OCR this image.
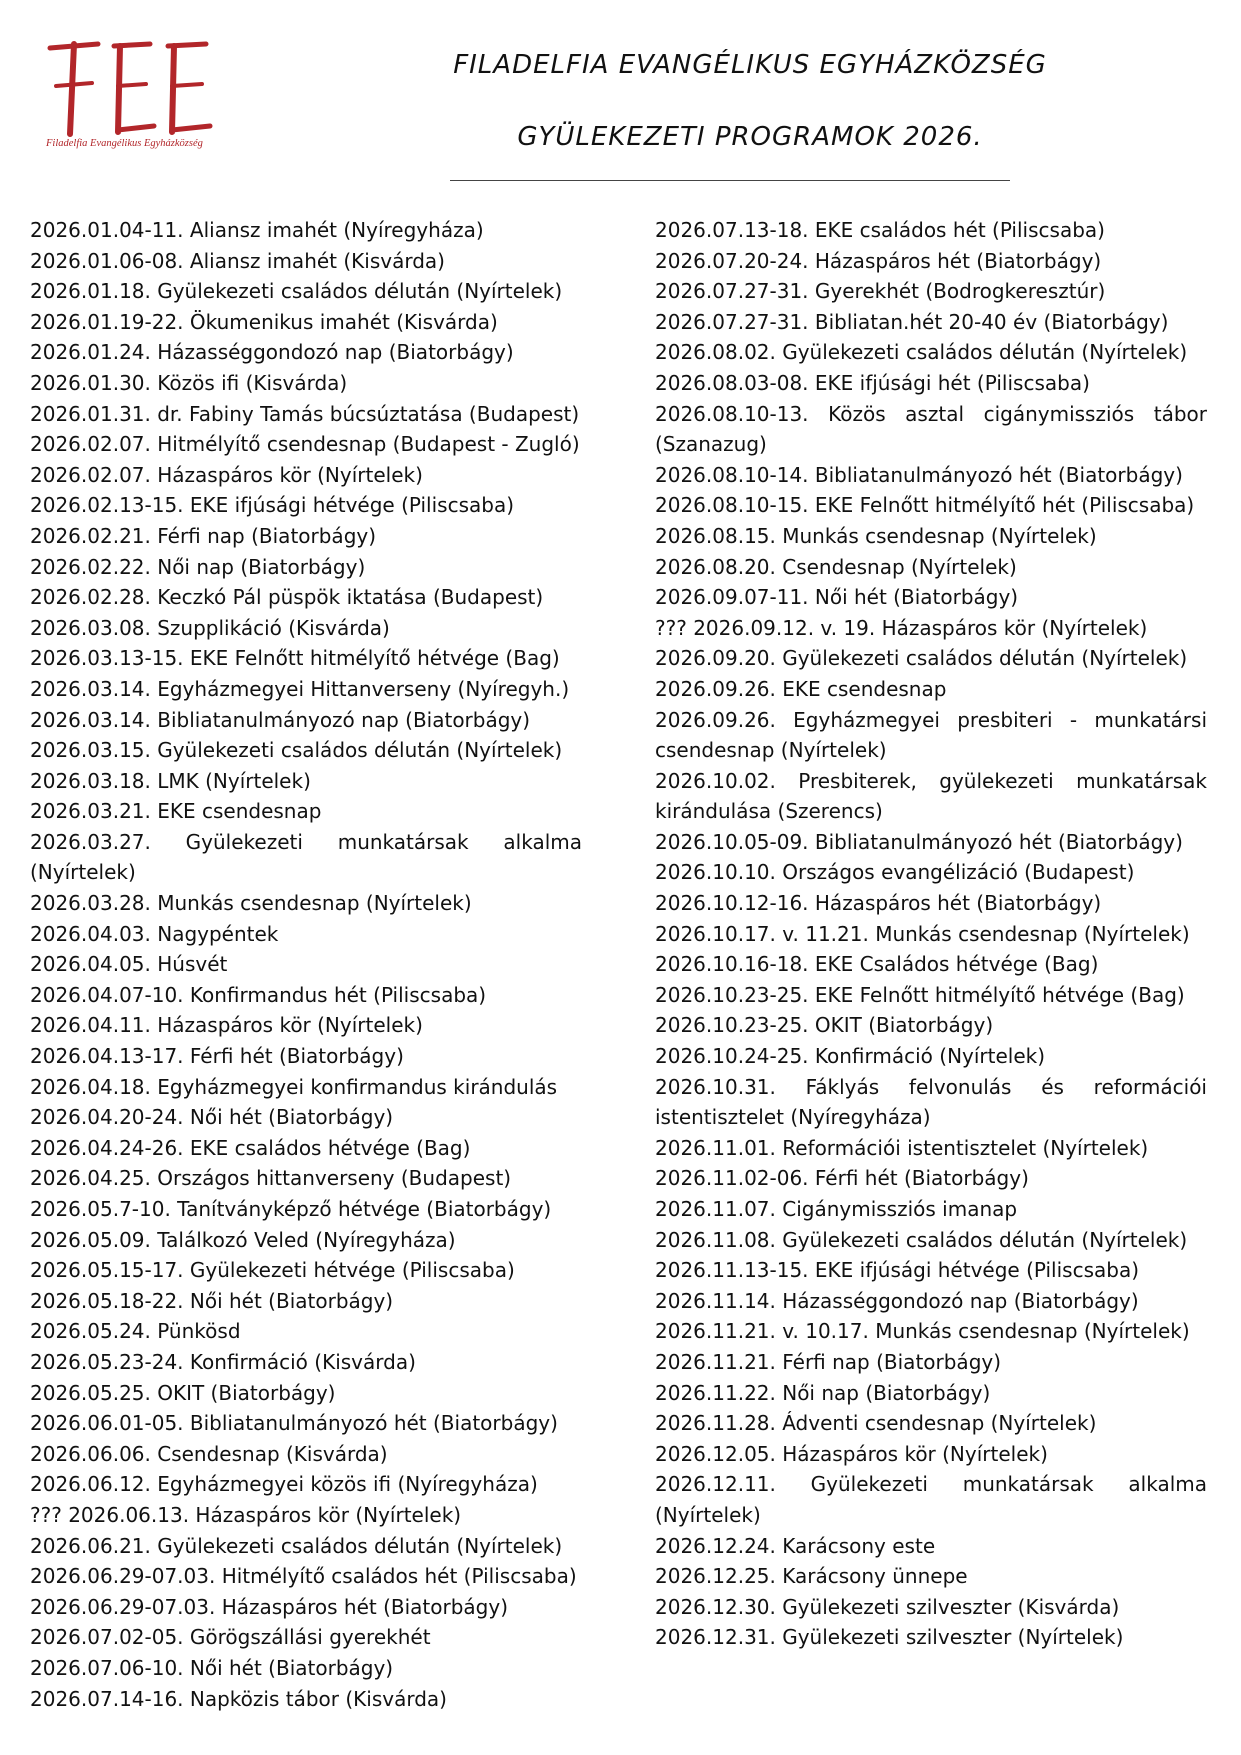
Filadelfia Evangélikus Egyházközség
FILADELFIA EVANGÉLIKUS EGYHÁZKÖZSÉG
GYÜLEKEZETI PROGRAMOK 2026.

2026.01.04-11. Aliansz imahét (Nyíregyháza)

2026.01.06-08. Aliansz imahét (Kisvárda)

2026.01.18. Gyülekezeti családos délután (Nyírtelek)

2026.01.19-22. Ökumenikus imahét (Kisvárda)

2026.01.24. Házasséggondozó nap (Biatorbágy)

2026.01.30. Közös ifi (Kisvárda)

2026.01.31. dr. Fabiny Tamás búcsúztatása (Budapest)

2026.02.07. Hitmélyítő csendesnap (Budapest - Zugló)

2026.02.07. Házaspáros kör (Nyírtelek)

2026.02.13-15. EKE ifjúsági hétvége (Piliscsaba)

2026.02.21. Férfi nap (Biatorbágy)

2026.02.22. Női nap (Biatorbágy)

2026.02.28. Keczkó Pál püspök iktatása (Budapest)

2026.03.08. Szupplikáció (Kisvárda)

2026.03.13-15. EKE Felnőtt hitmélyítő hétvége (Bag)

2026.03.14. Egyházmegyei Hittanverseny (Nyíregyh.)

2026.03.14. Bibliatanulmányozó nap (Biatorbágy)

2026.03.15. Gyülekezeti családos délután (Nyírtelek)

2026.03.18. LMK (Nyírtelek)

2026.03.21. EKE csendesnap

2026.03.27. Gyülekezeti munkatársak alkalma (Nyírtelek)

2026.03.28. Munkás csendesnap (Nyírtelek)

2026.04.03. Nagypéntek

2026.04.05. Húsvét

2026.04.07-10. Konfirmandus hét (Piliscsaba)

2026.04.11. Házaspáros kör (Nyírtelek)

2026.04.13-17. Férfi hét (Biatorbágy)

2026.04.18. Egyházmegyei konfirmandus kirándulás

2026.04.20-24. Női hét (Biatorbágy)

2026.04.24-26. EKE családos hétvége (Bag)

2026.04.25. Országos hittanverseny (Budapest)

2026.05.7-10. Tanítványképző hétvége (Biatorbágy)

2026.05.09. Találkozó Veled (Nyíregyháza)

2026.05.15-17. Gyülekezeti hétvége (Piliscsaba)

2026.05.18-22. Női hét (Biatorbágy)

2026.05.24. Pünkösd

2026.05.23-24. Konfirmáció (Kisvárda)

2026.05.25. OKIT (Biatorbágy)

2026.06.01-05. Bibliatanulmányozó hét (Biatorbágy)

2026.06.06. Csendesnap (Kisvárda)

2026.06.12. Egyházmegyei közös ifi (Nyíregyháza)

??? 2026.06.13. Házaspáros kör (Nyírtelek)

2026.06.21. Gyülekezeti családos délután (Nyírtelek)

2026.06.29-07.03. Hitmélyítő családos hét (Piliscsaba)

2026.06.29-07.03. Házaspáros hét (Biatorbágy)

2026.07.02-05. Görögszállási gyerekhét

2026.07.06-10. Női hét (Biatorbágy)

2026.07.14-16. Napközis tábor (Kisvárda)

2026.07.13-18. EKE családos hét (Piliscsaba)

2026.07.20-24. Házaspáros hét (Biatorbágy)

2026.07.27-31. Gyerekhét (Bodrogkeresztúr)

2026.07.27-31. Bibliatan.hét 20-40 év (Biatorbágy)

2026.08.02. Gyülekezeti családos délután (Nyírtelek)

2026.08.03-08. EKE ifjúsági hét (Piliscsaba)

2026.08.10-13. Közös asztal cigánymissziós tábor (Szanazug)

2026.08.10-14. Bibliatanulmányozó hét (Biatorbágy)

2026.08.10-15. EKE Felnőtt hitmélyítő hét (Piliscsaba)

2026.08.15. Munkás csendesnap (Nyírtelek)

2026.08.20. Csendesnap (Nyírtelek)

2026.09.07-11. Női hét (Biatorbágy)

??? 2026.09.12. v. 19. Házaspáros kör (Nyírtelek)

2026.09.20. Gyülekezeti családos délután (Nyírtelek)

2026.09.26. EKE csendesnap

2026.09.26. Egyházmegyei presbiteri - munkatársi csendesnap (Nyírtelek)

2026.10.02. Presbiterek, gyülekezeti munkatársak kirándulása (Szerencs)

2026.10.05-09. Bibliatanulmányozó hét (Biatorbágy)

2026.10.10. Országos evangélizáció (Budapest)

2026.10.12-16. Házaspáros hét (Biatorbágy)

2026.10.17. v. 11.21. Munkás csendesnap (Nyírtelek)

2026.10.16-18. EKE Családos hétvége (Bag)

2026.10.23-25. EKE Felnőtt hitmélyítő hétvége (Bag)

2026.10.23-25. OKIT (Biatorbágy)

2026.10.24-25. Konfirmáció (Nyírtelek)

2026.10.31. Fáklyás felvonulás és reformációi istentisztelet (Nyíregyháza)

2026.11.01. Reformációi istentisztelet (Nyírtelek)

2026.11.02-06. Férfi hét (Biatorbágy)

2026.11.07. Cigánymissziós imanap

2026.11.08. Gyülekezeti családos délután (Nyírtelek)

2026.11.13-15. EKE ifjúsági hétvége (Piliscsaba)

2026.11.14. Házasséggondozó nap (Biatorbágy)

2026.11.21. v. 10.17. Munkás csendesnap (Nyírtelek)

2026.11.21. Férfi nap (Biatorbágy)

2026.11.22. Női nap (Biatorbágy)

2026.11.28. Ádventi csendesnap (Nyírtelek)

2026.12.05. Házaspáros kör (Nyírtelek)

2026.12.11. Gyülekezeti munkatársak alkalma (Nyírtelek)

2026.12.24. Karácsony este

2026.12.25. Karácsony ünnepe

2026.12.30. Gyülekezeti szilveszter (Kisvárda)

2026.12.31. Gyülekezeti szilveszter (Nyírtelek)
